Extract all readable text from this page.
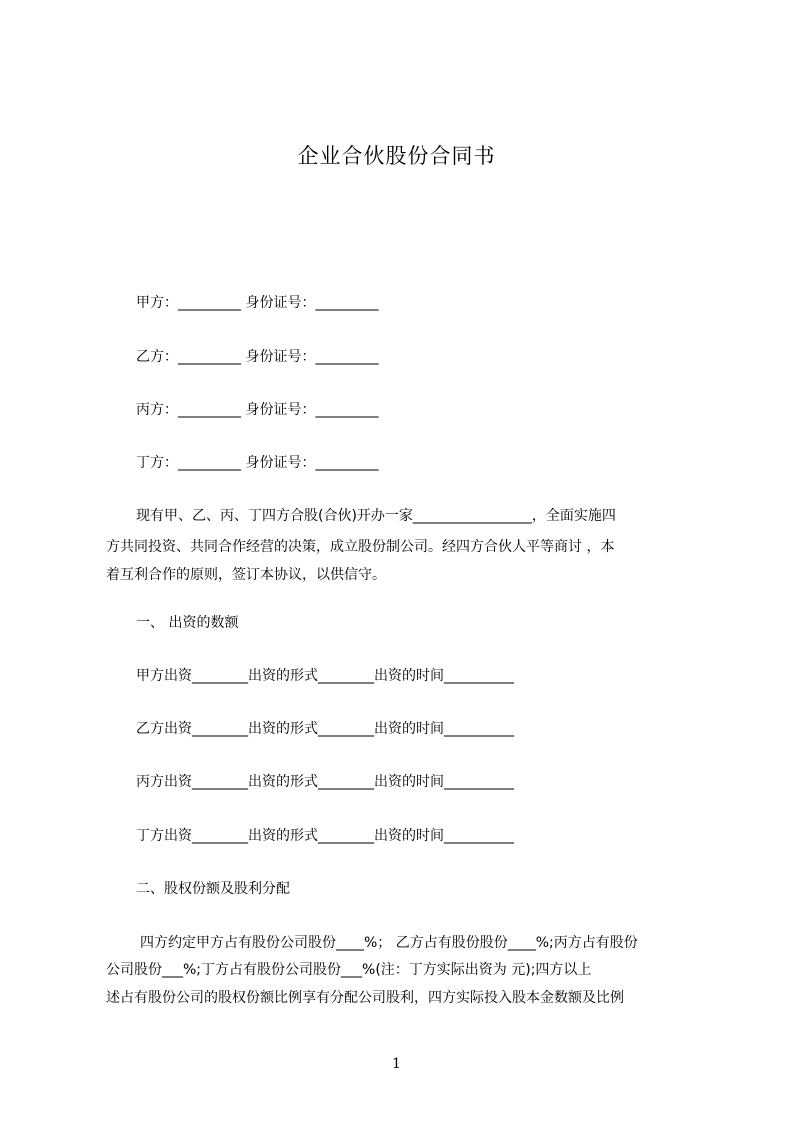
企业合伙股份合同书
甲方：_________ 身份证号：_________
乙方：_________ 身份证号：_________
丙方：_________ 身份证号：_________
丁方：_________ 身份证号：_________
现有甲、乙、丙、丁四方合股(合伙)开办一家_________________，全面实施四
方共同投资、共同合作经营的决策，成立股份制公司。经四方合伙人平等商讨 ，本
着互利合作的原则，签订本协议，以供信守。
一、 出资的数额
甲方出资________出资的形式________出资的时间__________
乙方出资________出资的形式________出资的时间__________
丙方出资________出资的形式________出资的时间__________
丁方出资________出资的形式________出资的时间__________
二、股权份额及股利分配
四方约定甲方占有股份公司股份____%； 乙方占有股份股份____%;丙方占有股份
公司股份___%;丁方占有股份公司股份___%(注：丁方实际出资为 元);四方以上
述占有股份公司的股权份额比例享有分配公司股利，四方实际投入股本金数额及比例
1
